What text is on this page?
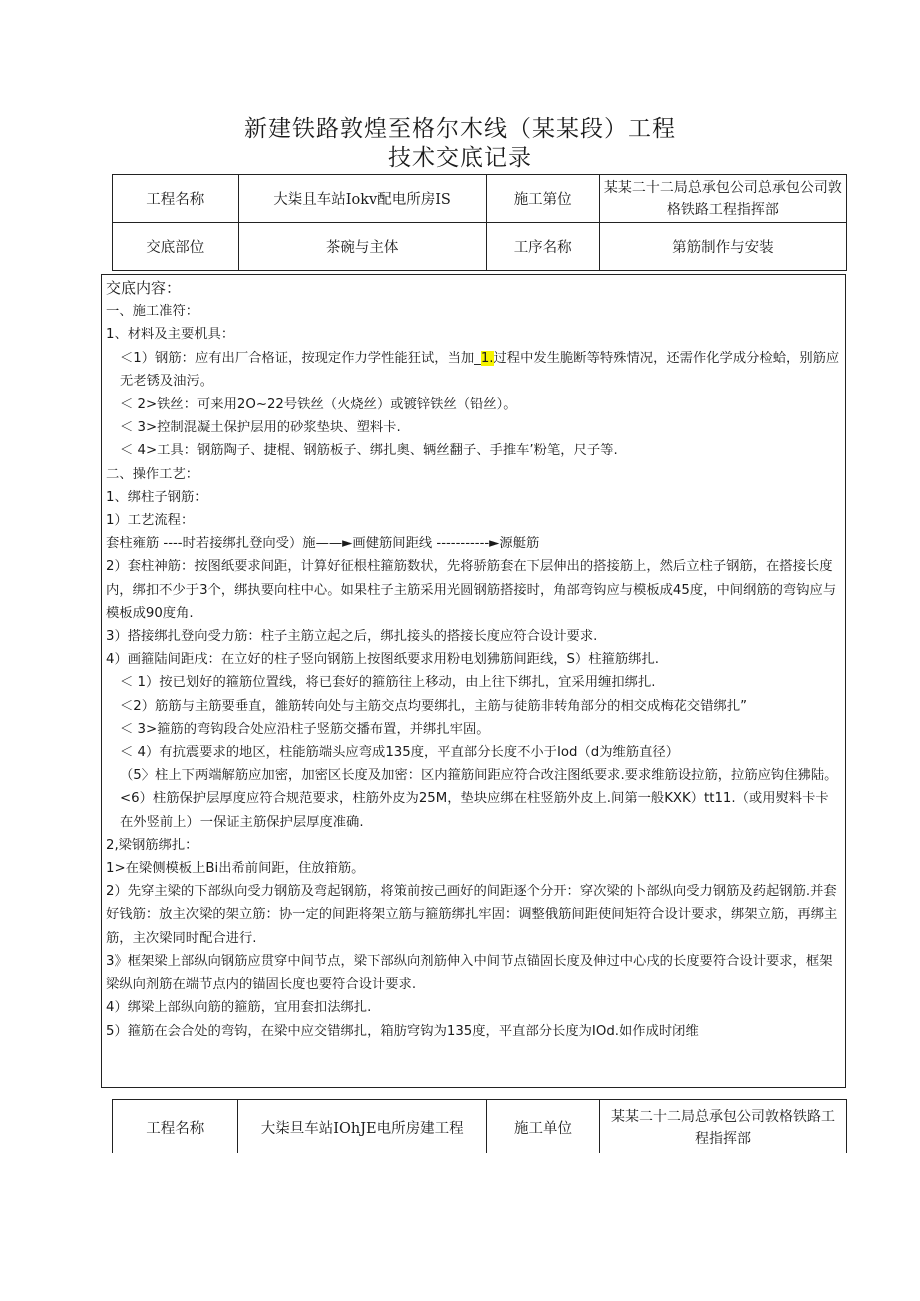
新建铁路敦煌至格尔木线（某某段）工程
技术交底记录
工程名称	大柒且车站Iokv配电所房IS	施工第位	某某二十二局总承包公司总承包公司敦格铁路工程指挥部
交底部位	茶碗与主体	工序名称	第筋制作与安装

交底内容：

一、施工准符：

1、材料及主要机具：

＜1）钢筋：应有出厂合格证，按现定作力学性能狂试，当加_1.过程中发生脆断等特殊情况，还需作化学成分检蛤，别筋应无老锈及油污。

＜ 2>铁丝：可来用2O~22号铁丝（火烧丝）或镀锌铁丝（铅丝）。

＜ 3>控制混凝土保护层用的砂浆垫块、塑料卡.

＜ 4>工具：钢筋陶子、捷棍、钢筋板子、绑扎奥、辆丝翻子、手推车’粉笔，尺子等.

二、操作工艺：

1、绑柱子钢筋：

1）工艺流程：

套柱雍筋 ----时若接绑扎登向受）施——►画健筋间距线 -----------►源艇筋

2）套柱神筋：按图纸要求间距，计算好征根柱箍筋数状，先将骄筋套在下层伸出的搭接筋上，然后立柱子钢筋，在搭接长度内，绑扣不少于3个，绑执要向柱中心。如果柱子主筋采用光圆钢筋搭接时，角部弯钩应与模板成45度，中间纲筋的弯钩应与模板成90度角.

3）搭接绑扎登向受力筋：柱子主筋立起之后，绑扎接头的搭接长度应符合设计要求.

4）画箍陆间距戌：在立好的柱子竖向钢筋上按图纸要求用粉电划狒筋间距线，S）柱箍筋绑扎.

＜ 1）按已划好的箍筋位置线，将已套好的箍筋往上移动，由上往下绑扎，宜采用缠扣绑扎.

＜2）筋筋与主筋要垂直，雒筋转向处与主筋交点均要绑扎，主筋与徒筋非转角部分的相交成梅花交错绑扎”

＜ 3>箍筋的弯钩段合处应沿柱子竖筋交播布置，并绑扎牢固。

＜ 4）有抗震要求的地区，柱能筋端头应弯成135度，平直部分长度不小于Iod（d为维筋直径）

（5〉柱上下两端解筋应加密，加密区长度及加密：区内箍筋间距应符合改注图纸要求.要求维筋设拉筋，拉筋应钩住狒陆。

<6）柱筋保护层厚度应符合规范要求，柱筋外皮为25M，垫块应绑在柱竖筋外皮上.间第一般KXK）tt11.（或用熨料卡卡在外竖前上）一保证主筋保护层厚度准确.

2,梁钢筋绑扎：

1>在梁侧模板上Bi出希前间距，住放箝筋。

2）先穿主梁的下部纵向受力钢筋及弯起钢筋，将策前按己画好的间距逐个分开：穿次梁的卜部纵向受力钢筋及药起钢筋.并套好钱筋：放主次梁的架立筋：协一定的间距将架立筋与箍筋绑扎牢固：调整俄筋间距使间矩符合设计要求，绑架立筋，再绑主筋，主次梁同时配合进行.

3》框架梁上部纵向钢筋应贯穿中间节点，梁下部纵向剂筋伸入中间节点锚固长度及伸过中心戌的长度要符合设计要求，框架梁纵向剂筋在端节点内的锚固长度也要符合设计要求.

4）绑梁上部纵向筋的箍筋，宜用套扣法绑扎.

5）箍筋在会合处的弯钩，在梁中应交错绑扎，箱肪穹钩为135度，平直部分长度为IOd.如作成时闭维

工程名称	大柒旦车站IOhJE电所房建工程	施工单位	某某二十二局总承包公司敦格铁路工程指挥部
